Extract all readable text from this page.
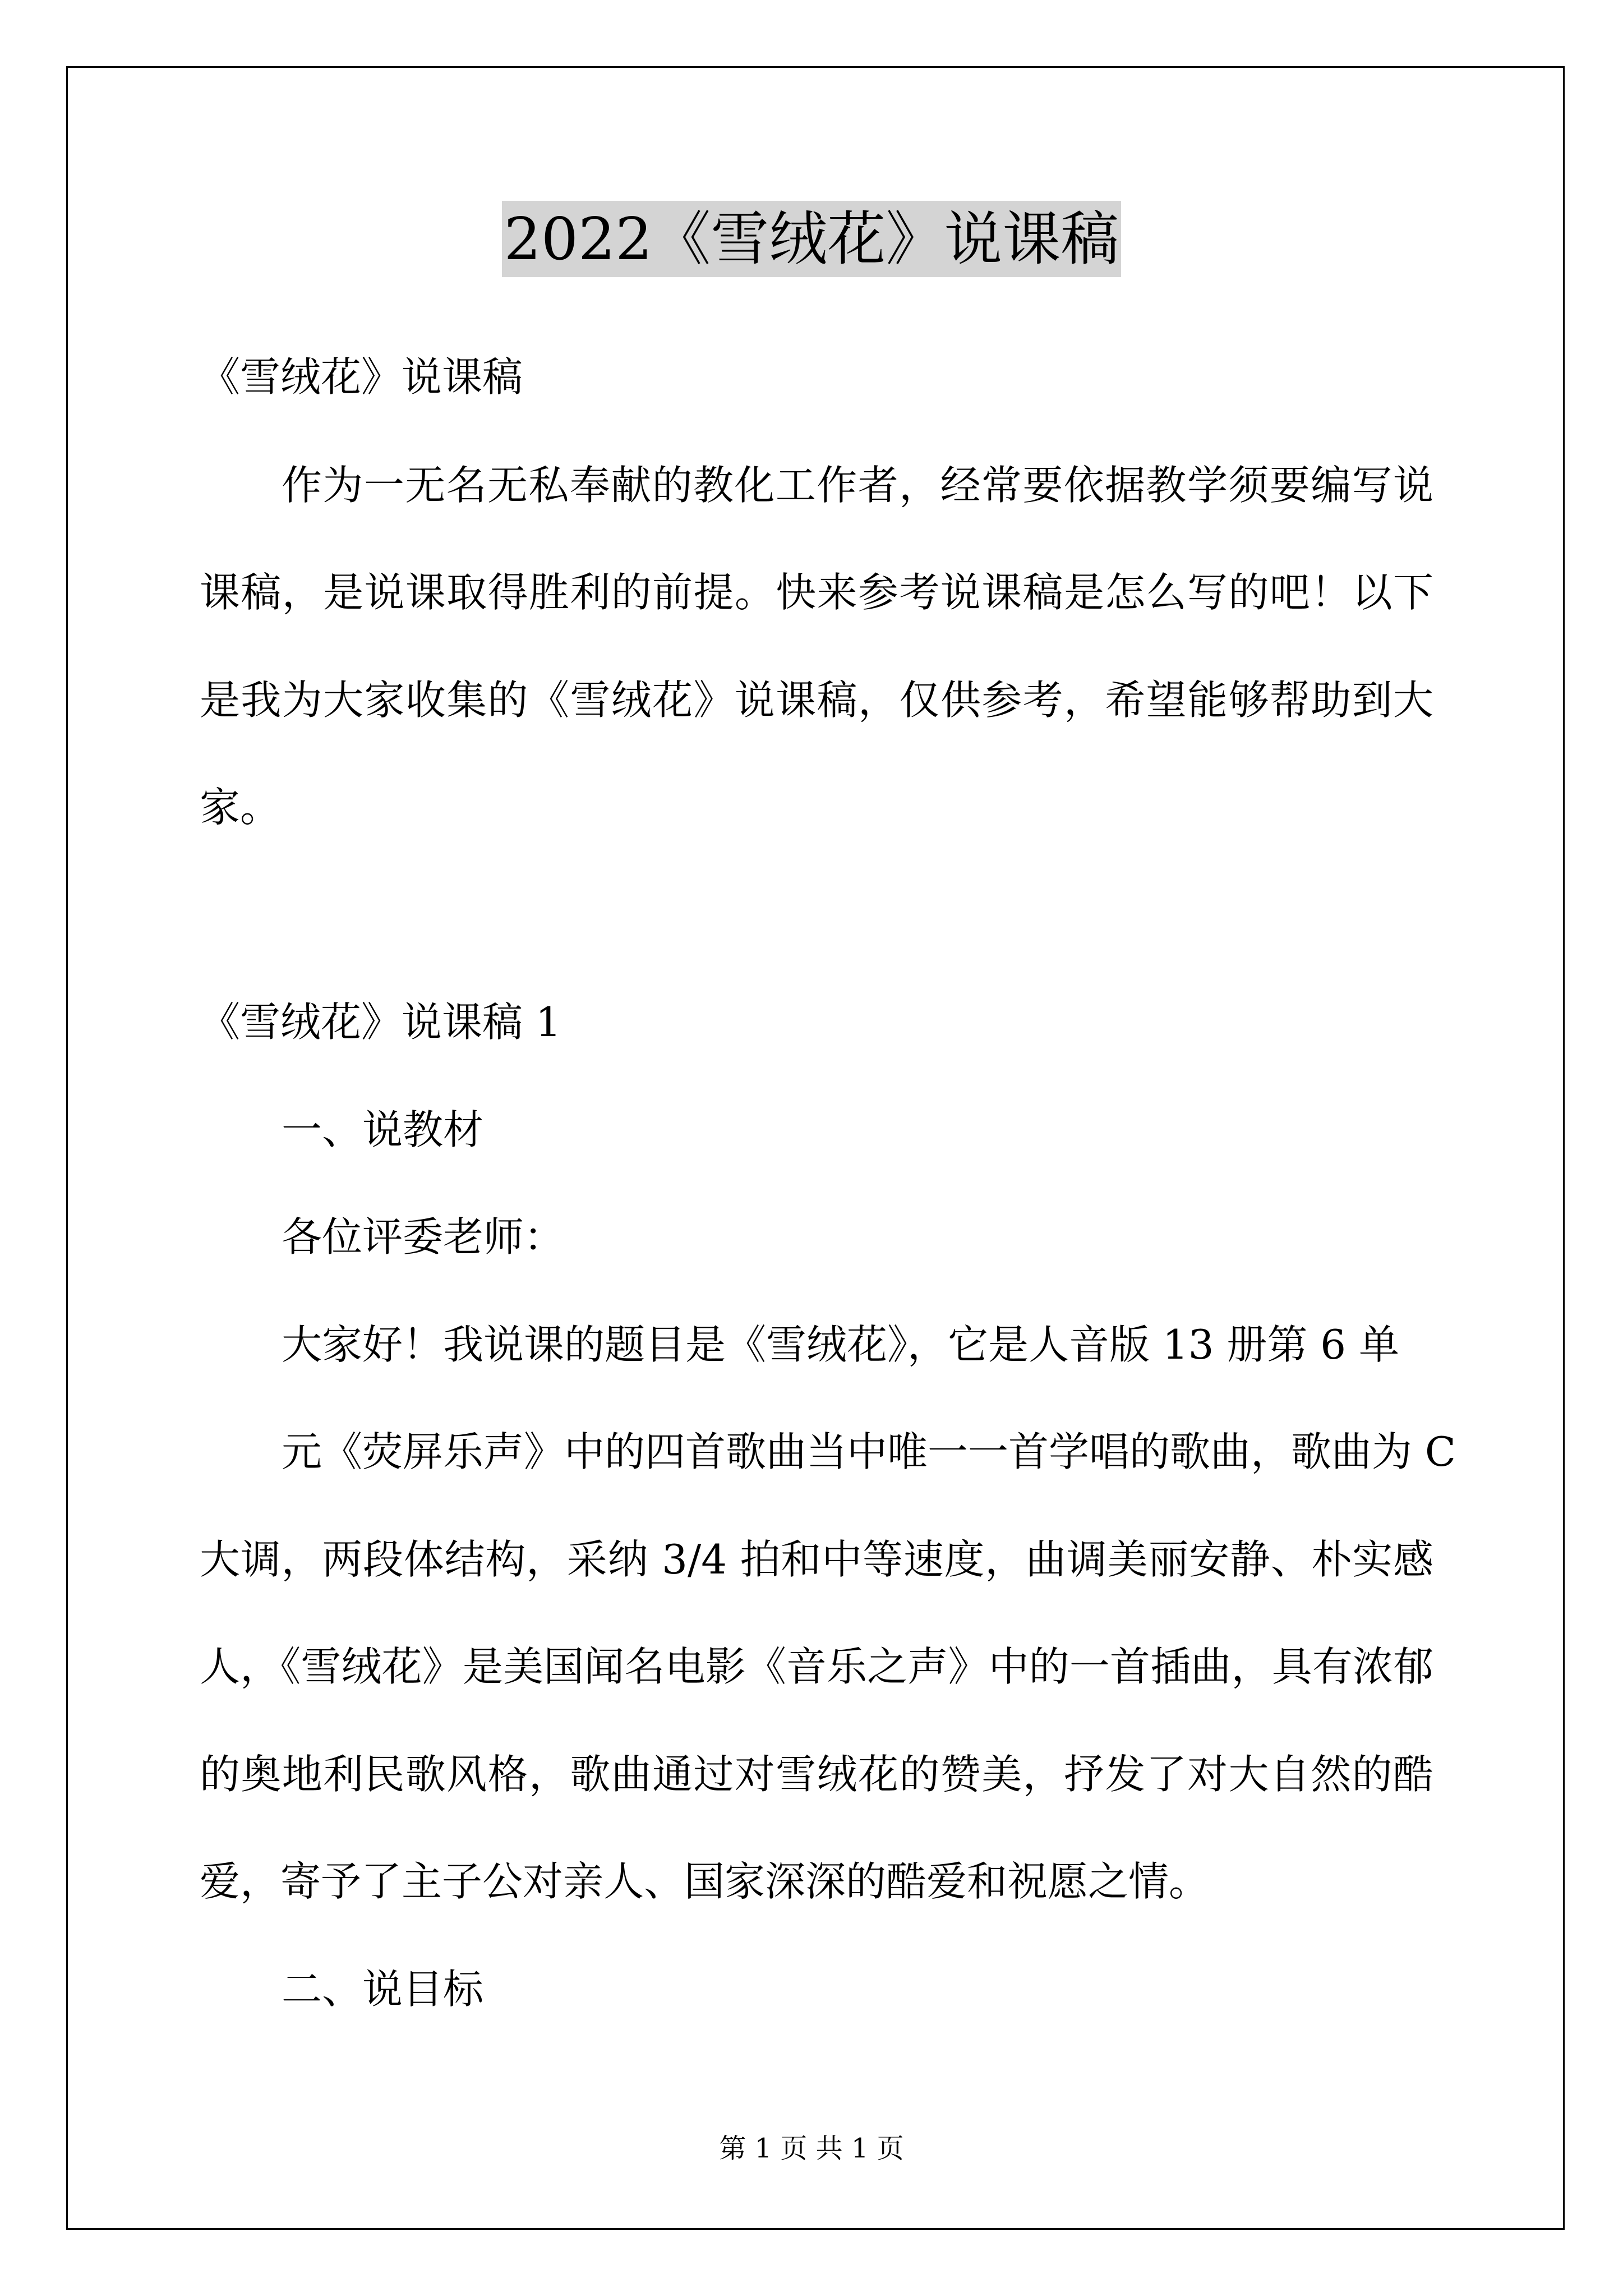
2022《雪绒花》说课稿
《雪绒花》说课稿
作为一无名无私奉献的教化工作者，经常要依据教学须要编写说
课稿，是说课取得胜利的前提。快来参考说课稿是怎么写的吧！以下
是我为大家收集的《雪绒花》说课稿，仅供参考，希望能够帮助到大
家。
《雪绒花》说课稿 1
一、说教材
各位评委老师：
大家好！我说课的题目是《雪绒花》，它是人音版 13 册第 6 单
元《荧屏乐声》中的四首歌曲当中唯一一首学唱的歌曲，歌曲为 C
大调，两段体结构，采纳 3/4 拍和中等速度，曲调美丽安静、朴实感
人，《雪绒花》是美国闻名电影《音乐之声》中的一首插曲，具有浓郁
的奥地利民歌风格，歌曲通过对雪绒花的赞美，抒发了对大自然的酷
爱，寄予了主子公对亲人、国家深深的酷爱和祝愿之情。
二、说目标
第 1 页 共 1 页
